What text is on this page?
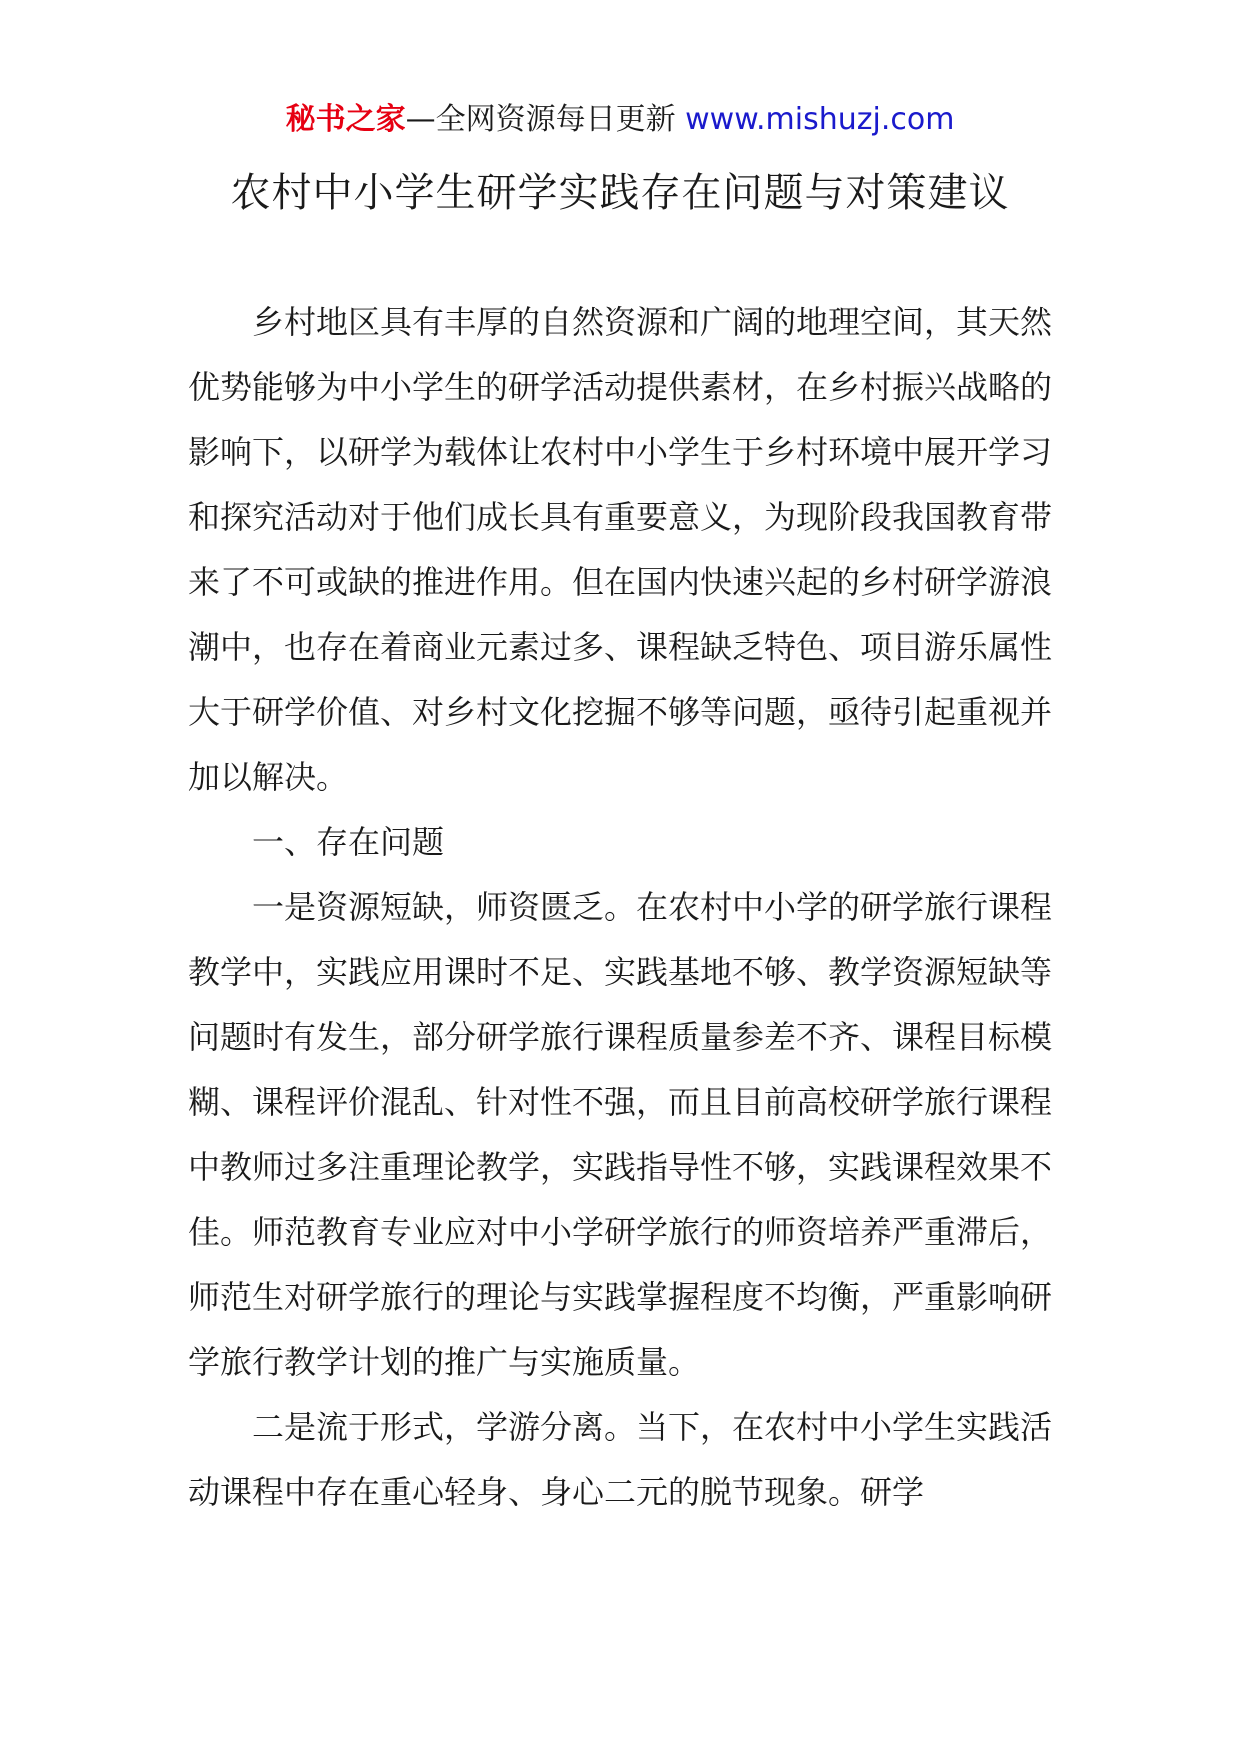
秘书之家—全网资源每日更新 www.mishuzj.com
农村中小学生研学实践存在问题与对策建议

乡村地区具有丰厚的自然资源和广阔的地理空间，其天然优势能够为中小学生的研学活动提供素材，在乡村振兴战略的影响下，以研学为载体让农村中小学生于乡村环境中展开学习和探究活动对于他们成长具有重要意义，为现阶段我国教育带来了不可或缺的推进作用。但在国内快速兴起的乡村研学游浪潮中，也存在着商业元素过多、课程缺乏特色、项目游乐属性大于研学价值、对乡村文化挖掘不够等问题，亟待引起重视并加以解决。

一、存在问题

一是资源短缺，师资匮乏。在农村中小学的研学旅行课程教学中，实践应用课时不足、实践基地不够、教学资源短缺等问题时有发生，部分研学旅行课程质量参差不齐、课程目标模糊、课程评价混乱、针对性不强，而且目前高校研学旅行课程中教师过多注重理论教学，实践指导性不够，实践课程效果不佳。师范教育专业应对中小学研学旅行的师资培养严重滞后，师范生对研学旅行的理论与实践掌握程度不均衡，严重影响研学旅行教学计划的推广与实施质量。

二是流于形式，学游分离。当下，在农村中小学生实践活动课程中存在重心轻身、身心二元的脱节现象。研学
